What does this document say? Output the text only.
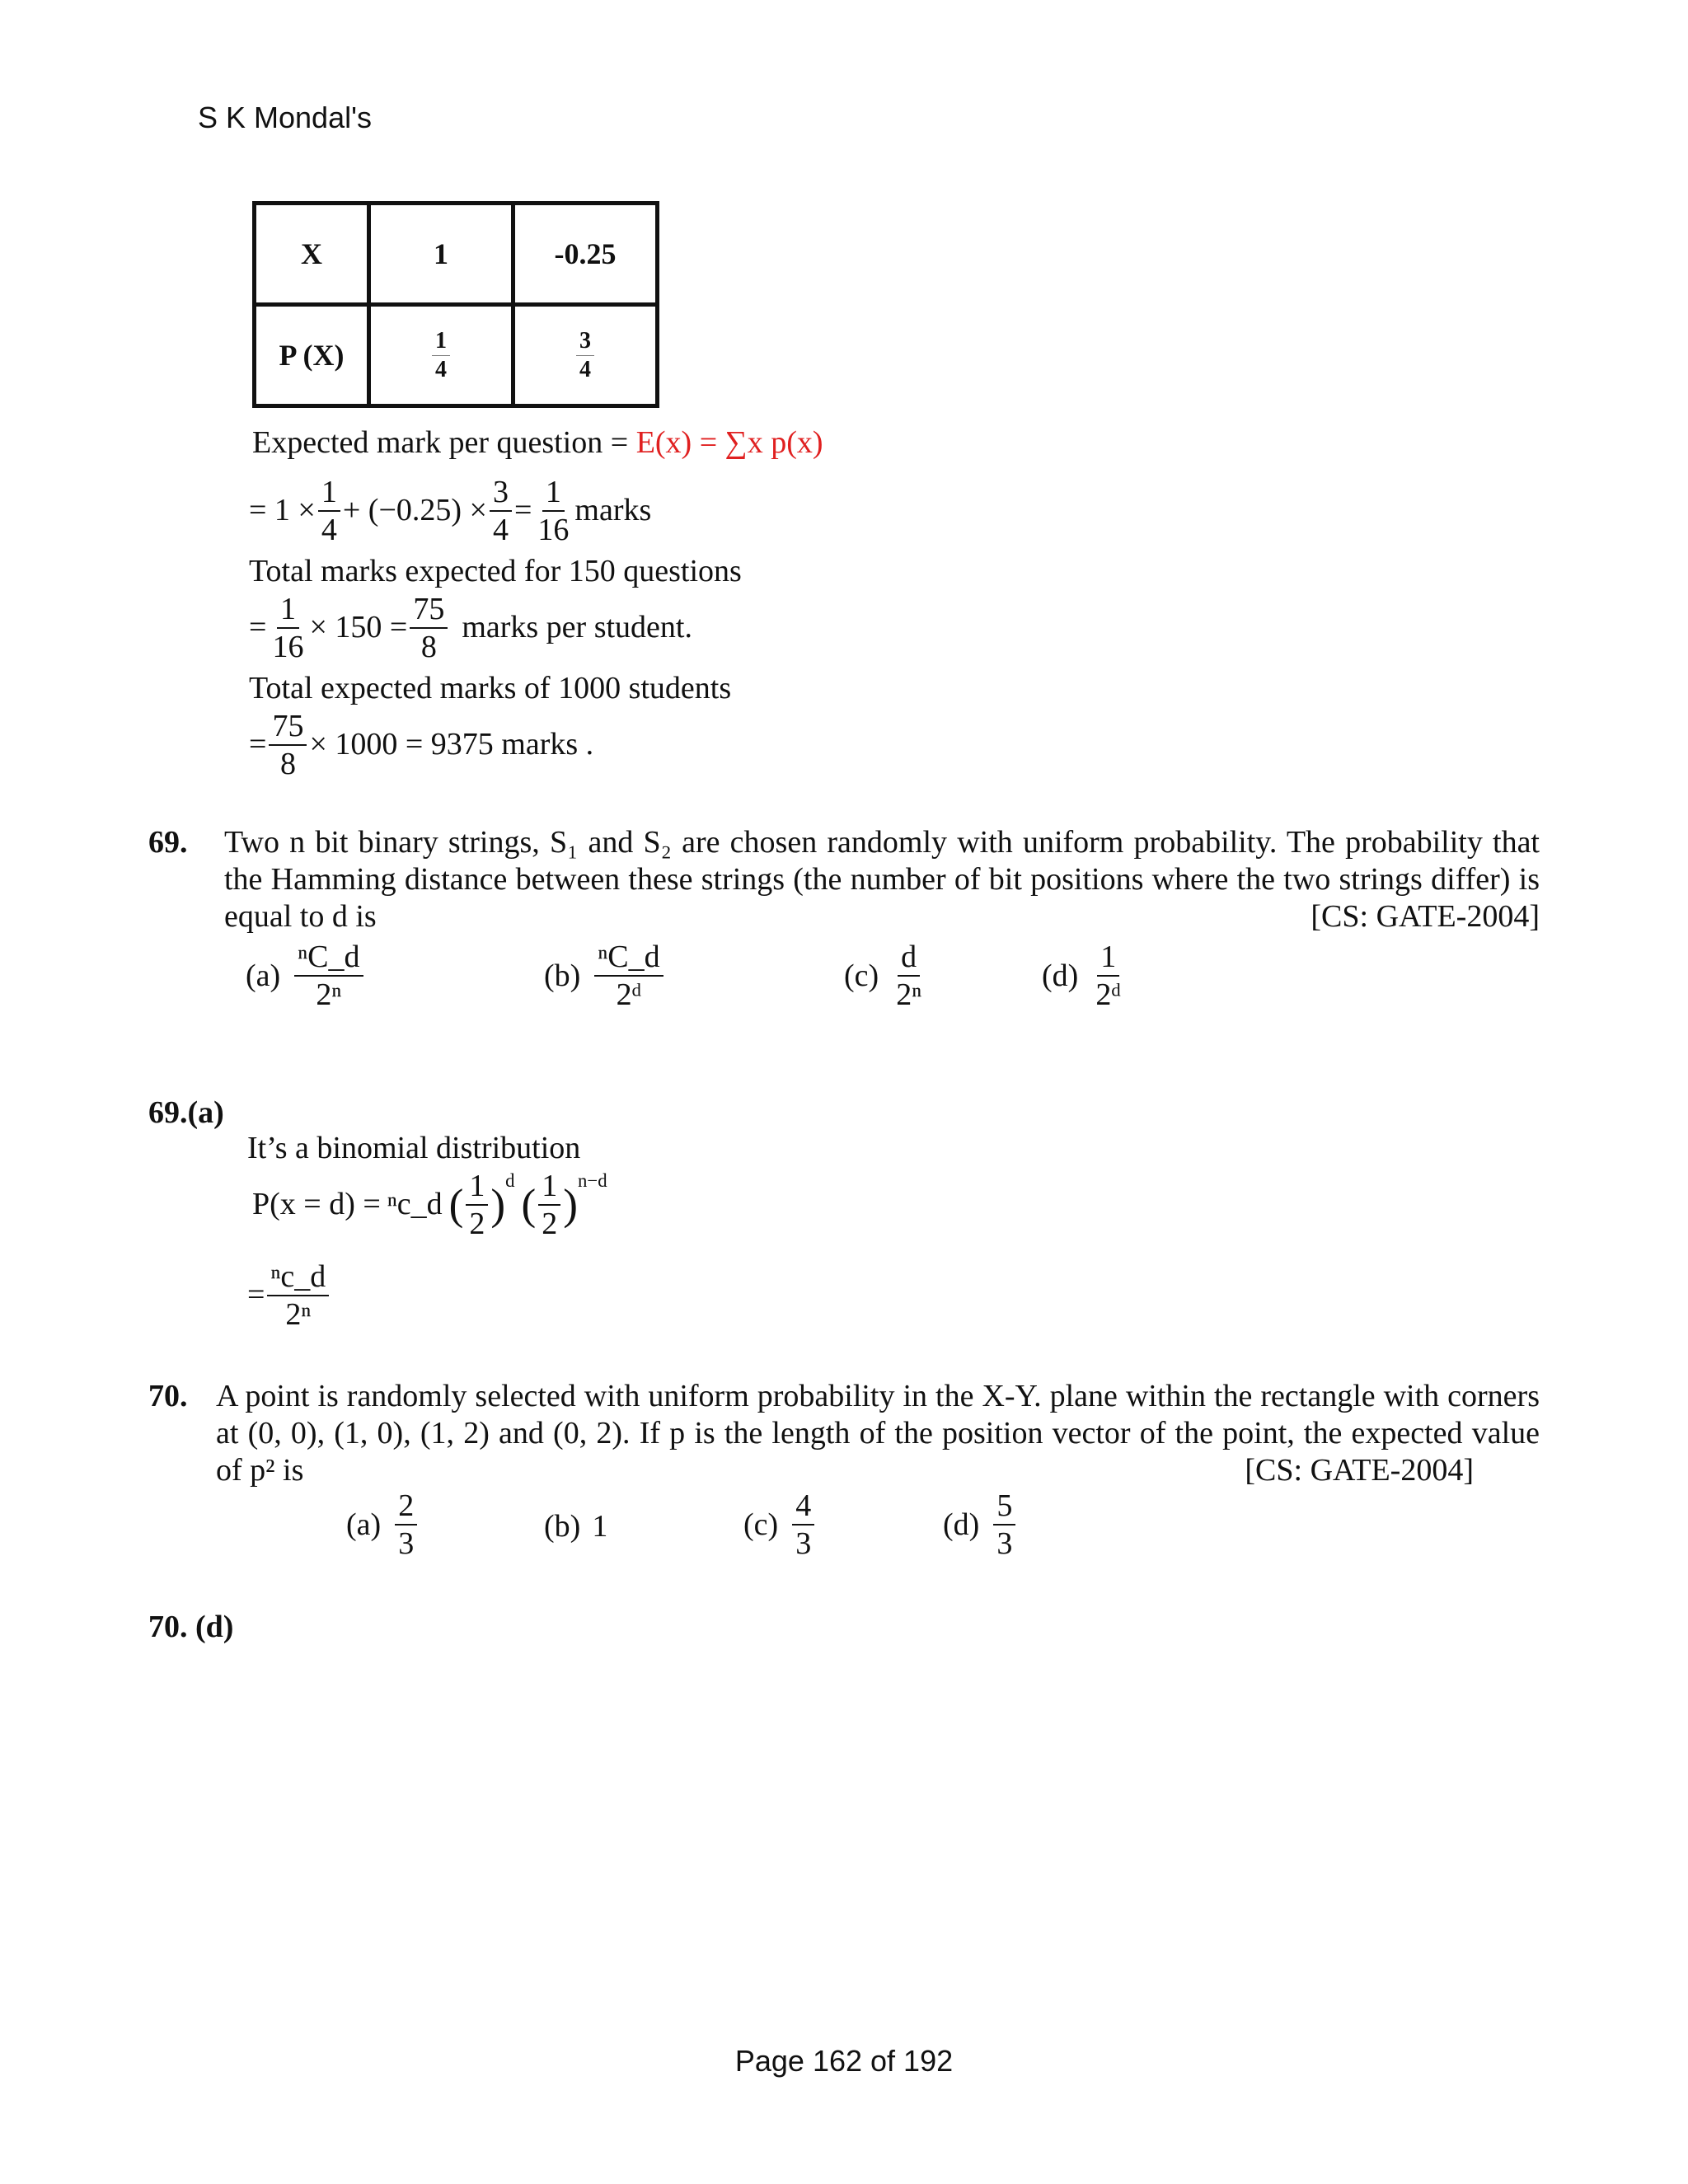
S K Mondal's
X	1	-0.25
P (X)	$\frac{1}{4}$	$\frac{3}{4}$
Expected mark per question = E(x) = ∑x p(x)
= $1 \times \frac{1}{4} + (-0.25) \times \frac{3}{4} = \frac{1}{16}$ marks
Total marks expected for 150 questions
= $\frac{1}{16} \times 150 = \frac{75}{8}$ marks per student.
Total expected marks of 1000 students
= $\frac{75}{8} \times 1000 = 9375$ marks .
69. Two n bit binary strings, S₁ and S₂ are chosen randomly with uniform probability. The probability that the Hamming distance between these strings (the number of bit positions where the two strings differ) is equal to d is	[CS: GATE-2004]
$(a) \frac{\text{ⁿC\_d}}{\text{2ⁿ}}$	$(b) \frac{\text{ⁿC\_d}}{\text{2ᵈ}}$	$(c) \frac{d}{\text{2ⁿ}}$	$(d) \frac{1}{\text{2ᵈ}}$
69.(a)
It’s a binomial distribution
P(x = d) = ⁿc_d ( $\frac{1}{2}$ ) d ( $\frac{1}{2}$ ) n−d
= $\frac{\text{ⁿc\_d}}{\text{2ⁿ}}$
70. A point is randomly selected with uniform probability in the X-Y. plane within the rectangle with corners at (0, 0), (1, 0), (1, 2) and (0, 2). If p is the length of the position vector of the point, the expected value of p² is	[CS: GATE-2004]
$(a) \frac{2}{3}$	(b) 1	$(c) \frac{4}{3}$	$(d) \frac{5}{3}$
70. (d)
Page 162 of 192
